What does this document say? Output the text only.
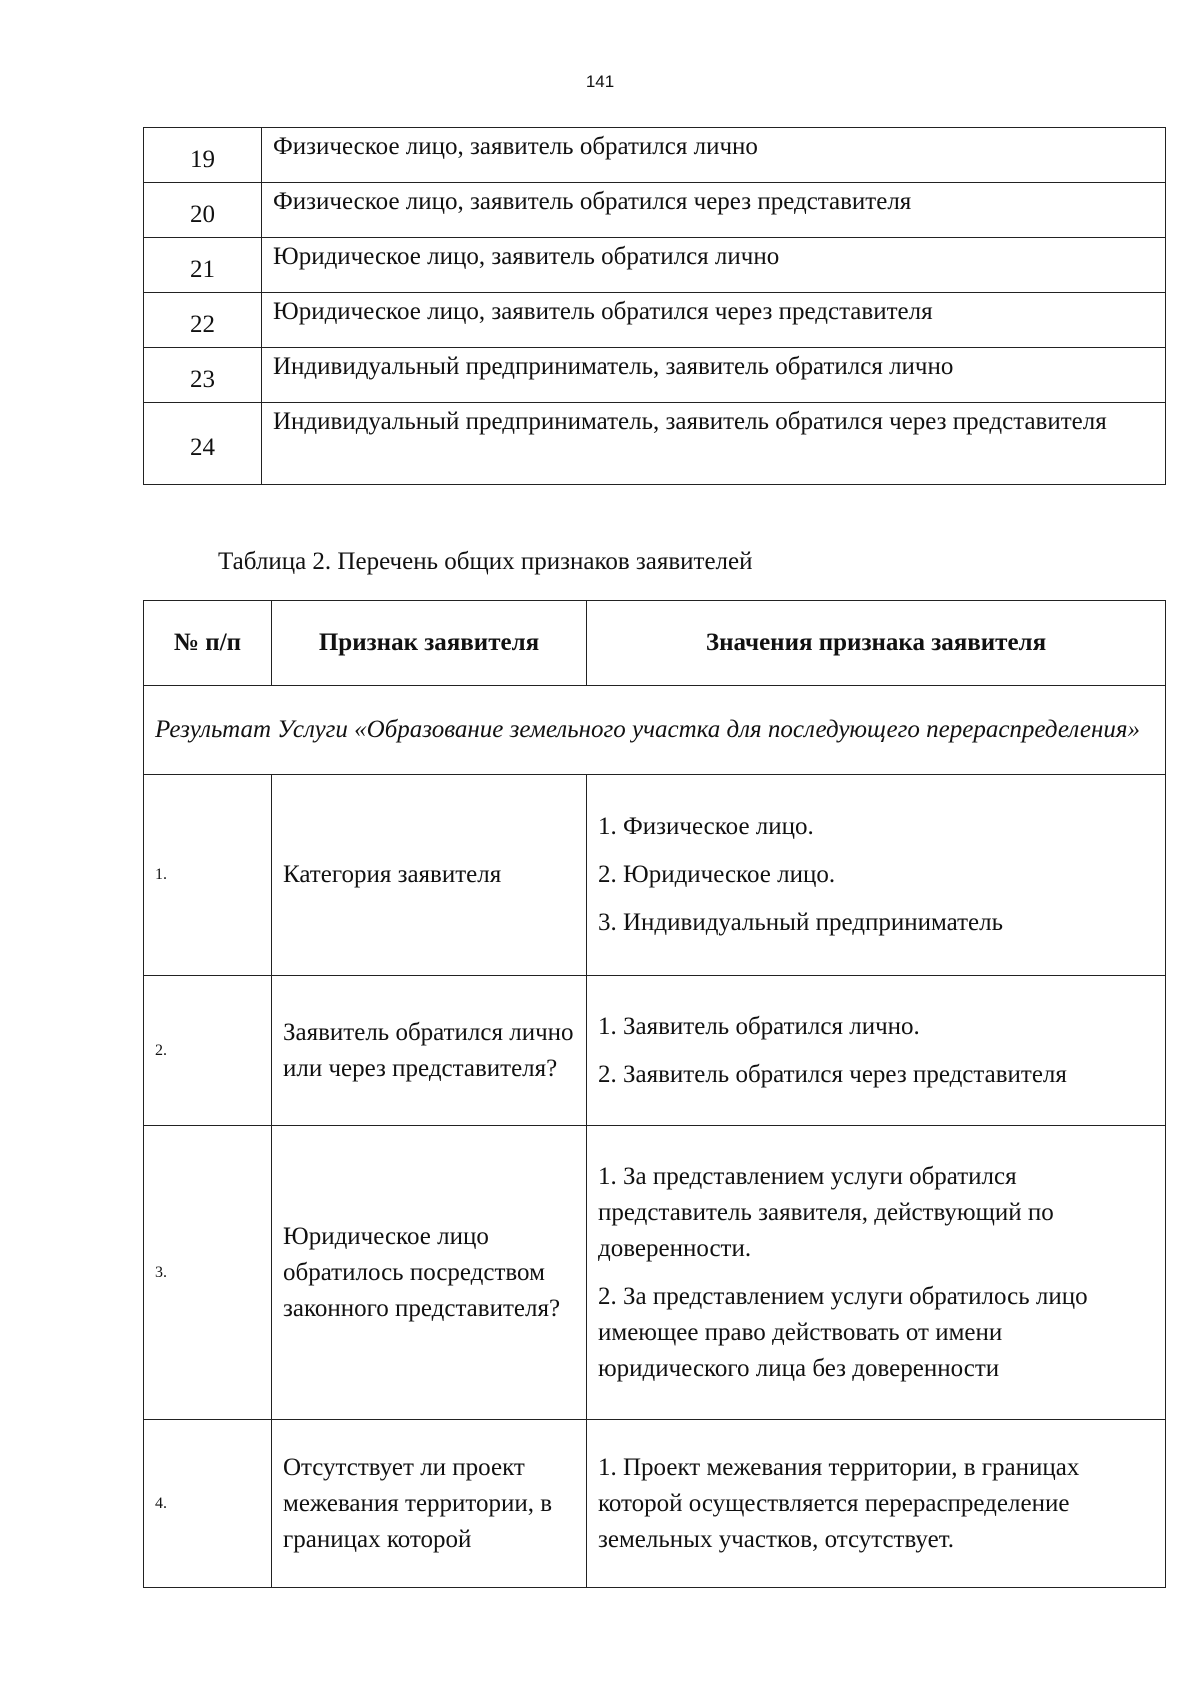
141
19	Физическое лицо, заявитель обратился лично
20	Физическое лицо, заявитель обратился через представителя
21	Юридическое лицо, заявитель обратился лично
22	Юридическое лицо, заявитель обратился через представителя
23	Индивидуальный предприниматель, заявитель обратился лично
24	Индивидуальный предприниматель, заявитель обратился через представителя
Таблица 2. Перечень общих признаков заявителей
№ п/п	Признак заявителя	Значения признака заявителя
Результат Услуги «Образование земельного участка для последующего перераспределения»		
1.	Категория заявителя	1. Физическое лицо.

2. Юридическое лицо.

3. Индивидуальный предприниматель

2.	Заявитель обратился лично или через представителя?	1. Заявитель обратился лично.

2. Заявитель обратился через представителя

3.	Юридическое лицо обратилось посредством законного представителя?	1. За представлением услуги обратился представитель заявителя, действующий по доверенности.

2. За представлением услуги обратилось лицо имеющее право действовать от имени юридического лица без доверенности

4.	Отсутствует ли проект межевания территории, в границах которой	1. Проект межевания территории, в границах которой осуществляется перераспределение земельных участков, отсутствует.
